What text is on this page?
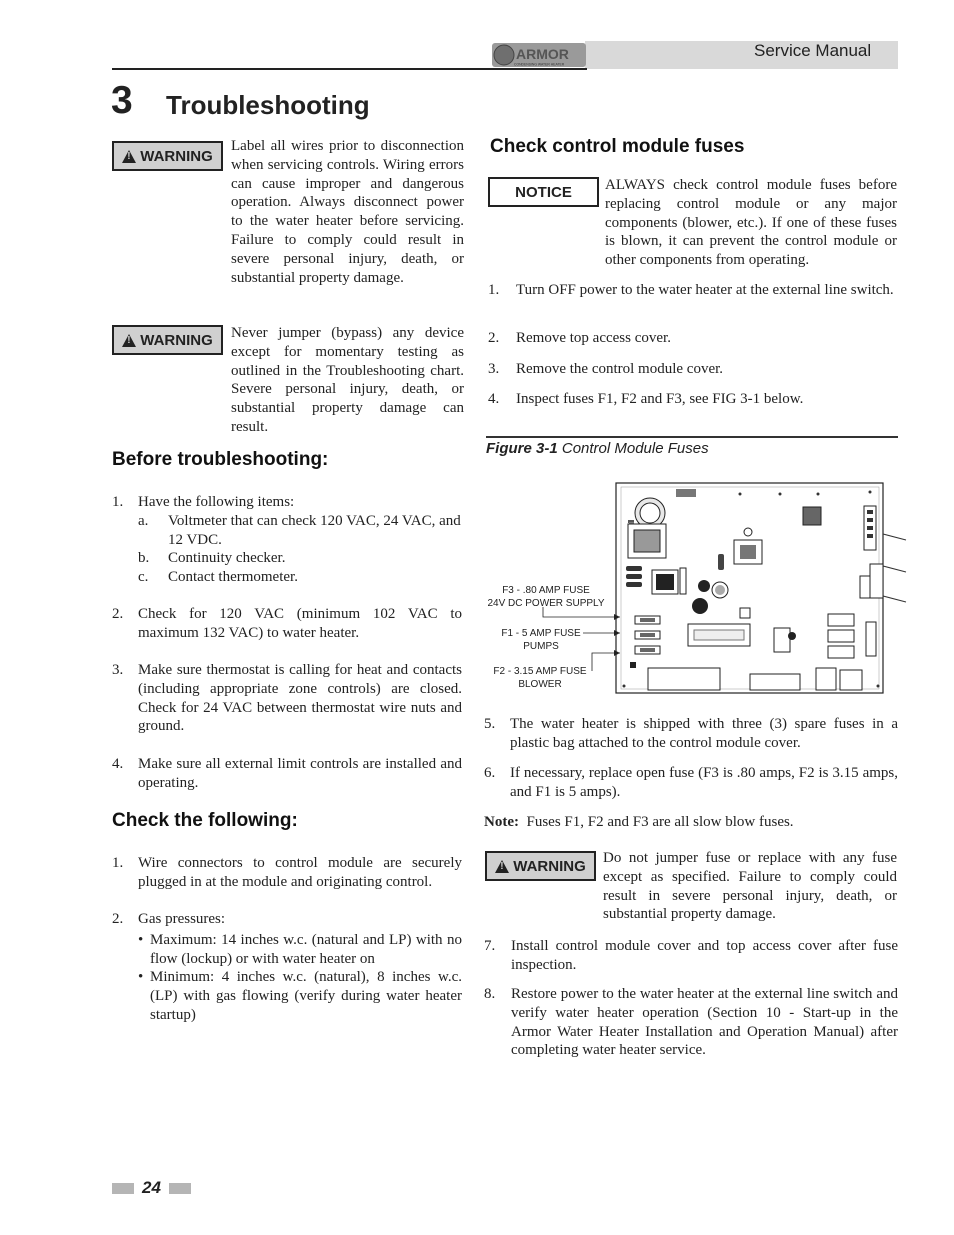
ARMOR
CONDENSING WATER HEATER
Service Manual
3 Troubleshooting
!
WARNING
Label all wires prior to disconnection when servicing controls. Wiring errors can cause improper and dangerous operation. Always disconnect power to the water heater before servicing. Failure to comply could result in severe personal injury, death, or substantial property damage.
!
WARNING Never jumper (bypass) any device except for momentary testing as outlined in the Troubleshooting chart. Severe personal injury, death, or substantial property damage can result.
Before troubleshooting:
1. Have the following items:
a. Voltmeter that can check 120 VAC, 24 VAC, and 12 VDC.
b. Continuity checker.
c. Contact thermometer.
2. Check for 120 VAC (minimum 102 VAC to maximum 132 VAC) to water heater.
3. Make sure thermostat is calling for heat and contacts (including appropriate zone controls) are closed. Check for 24 VAC between thermostat wire nuts and ground.
4. Make sure all external limit controls are installed and operating.
Check the following:
1. Wire connectors to control module are securely plugged in at the module and originating control.
2. Gas pressures:
• Maximum: 14 inches w.c. (natural and LP) with no flow (lockup) or with water heater on
• Minimum: 4 inches w.c. (natural), 8 inches w.c. (LP) with gas flowing (verify during water heater startup)
Check control module fuses
NOTICE ALWAYS check control module fuses before replacing control module or any major components (blower, etc.). If one of these fuses is blown, it can prevent the control module or other components from operating.
1. Turn OFF power to the water heater at the external line switch.
2. Remove top access cover.
3. Remove the control module cover.
4. Inspect fuses F1, F2 and F3, see FIG 3-1 below.
Figure 3-1 Control Module Fuses
F3 - .80 AMP FUSE
24V DC POWER SUPPLY
F1 - 5 AMP FUSE
PUMPS
F2 - 3.15 AMP FUSE
BLOWER
5. The water heater is shipped with three (3) spare fuses in a plastic bag attached to the control module cover.
6. If necessary, replace open fuse (F3 is .80 amps, F2 is 3.15 amps, and F1 is 5 amps).
Note: Fuses F1, F2 and F3 are all slow blow fuses.
!
WARNING Do not jumper fuse or replace with any fuse except as specified. Failure to comply could result in severe personal injury, death, or substantial property damage.
7. Install control module cover and top access cover after fuse inspection.
8. Restore power to the water heater at the external line switch and verify water heater operation (Section 10 - Start-up in the Armor Water Heater Installation and Operation Manual) after completing water heater service.
24
